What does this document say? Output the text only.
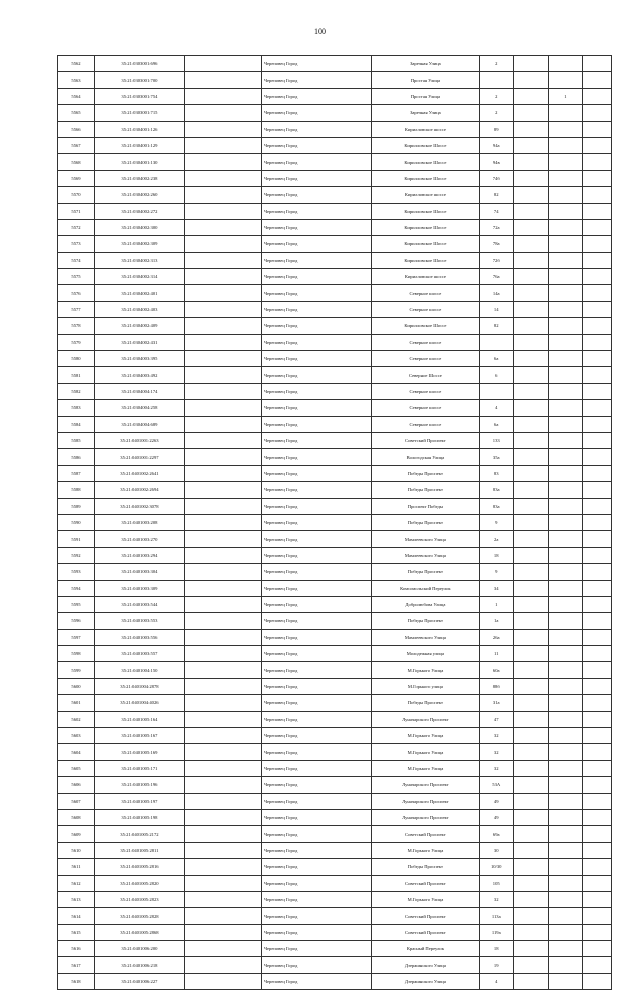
100
5562	35:21:0303001:696		Череповец Город	Заречная Улица	2			
5563	35:21:0303001:700		Череповец Город	Простая Улица				
5564	35:21:0303001:754		Череповец Город	Простая Улица	2		1	
5565	35:21:0303001:715		Череповец Город	Заречная Улица	2			
5566	35:21:0304001:126		Череповец Город	Кирилловское шоссе	89			
5567	35:21:0304001:129		Череповец Город	Кирилловское Шоссе	94а			
5568	35:21:0304001:130		Череповец Город	Кирилловское Шоссе	94в			
5569	35:21:0304002:238		Череповец Город	Кирилловское Шоссе	74б			
5570	35:21:0304002:260		Череповец Город	Кирилловское шоссе	82			
5571	35:21:0304002:272		Череповец Город	Кирилловское Шоссе	74			
5572	35:21:0304002:300		Череповец Город	Кирилловское Шоссе	72а			
5573	35:21:0304002:309		Череповец Город	Кирилловское Шоссе	78а			
5574	35:21:0304002:313		Череповец Город	Кирилловское Шоссе	72б			
5575	35:21:0304002:314		Череповец Город	Кирилловское шоссе	76а			
5576	35:21:0304002:401		Череповец Город	Северное шоссе	14а			
5577	35:21:0304002:403		Череповец Город	Северное шоссе	14			
5578	35:21:0304002:409		Череповец Город	Кирилловское Шоссе	82			
5579	35:21:0304002:431		Череповец Город	Северное шоссе				
5580	35:21:0304003:395		Череповец Город	Северное шоссе	6а			
5581	35:21:0304003:492		Череповец Город	Северное Шоссе	6			
5582	35:21:0304004:174		Череповец Город	Северное шоссе				
5583	35:21:0304004:258		Череповец Город	Северное шоссе	4			
5584	35:21:0304004:689		Череповец Город	Северное шоссе	6а			
5585	35:21:0401001:2263		Череповец Город	Советский Проспект	133			
5586	35:21:0401001:2297		Череповец Город	Вологодская Улица	35а			
5587	35:21:0401002:2641		Череповец Город	Победы Проспект	83			
5588	35:21:0401002:2694		Череповец Город	Победы Проспект	83а			
5589	35:21:0401002:3078		Череповец Город	Проспект Победы	83а			
5590	35:21:0401003:208		Череповец Город	Победы Проспект	9			
5591	35:21:0401003:270		Череповец Город	Мамлеевского Улица	2а			
5592	35:21:0401003:294		Череповец Город	Мамлеевского Улица	18			
5593	35:21:0401003:304		Череповец Город	Победы Проспект	9			
5594	35:21:0401003:309		Череповец Город	Комсомольский Переулок	34			
5595	35:21:0401003:544		Череповец Город	Добролюбова Улица	1			
5596	35:21:0401003:553		Череповец Город	Победы Проспект	1а			
5597	35:21:0401003:556		Череповец Город	Мамлеевского Улица	26а			
5598	35:21:0401003:557		Череповец Город	Молодежная улица	11			
5599	35:21:0401004:150		Череповец Город	М.Горького Улица	60а			
5600	35:21:0401004:2878		Череповец Город	М.Горького улица	88б			
5601	35:21:0401004:4026		Череповец Город	Победы Проспект	31а			
5602	35:21:0401005:164		Череповец Город	Луначарского Проспект	47			
5603	35:21:0401005:167		Череповец Город	М.Горького Улица	32			
5604	35:21:0401005:169		Череповец Город	М.Горького Улица	32			
5605	35:21:0401005:171		Череповец Город	М.Горького Улица	32			
5606	35:21:0401005:196		Череповец Город	Луначарского Проспект	53А			
5607	35:21:0401005:197		Череповец Город	Луначарского Проспект	49			
5608	35:21:0401005:198		Череповец Город	Луначарского Проспект	49			
5609	35:21:0401005:2172		Череповец Город	Советский Проспект	69а			
5610	35:21:0401005:2811		Череповец Город	М.Горького Улица	30			
5611	35:21:0401005:2816		Череповец Город	Победы Проспект	10/30			
5612	35:21:0401005:2820		Череповец Город	Советский Проспект	105			
5613	35:21:0401005:2823		Череповец Город	М.Горького Улица	32			
5614	35:21:0401005:2828		Череповец Город	Советский Проспект	113а			
5615	35:21:0401005:2868		Череповец Город	Советский Проспект	119а			
5616	35:21:0401006:200		Череповец Город	Красный Переулок	18			
5617	35:21:0401006:218		Череповец Город	Дзержинского Улица	19			
5618	35:21:0401006:227		Череповец Город	Дзержинского Улица	4			
